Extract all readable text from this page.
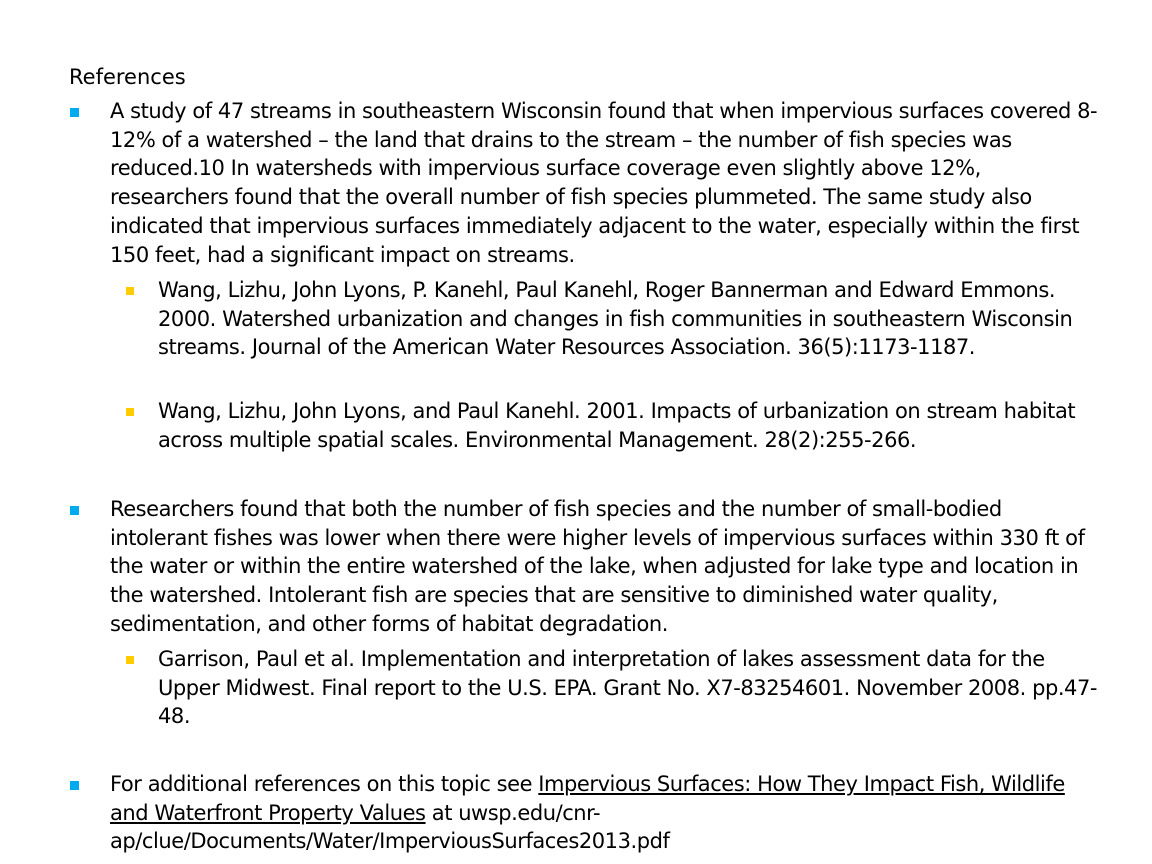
References
A study of 47 streams in southeastern Wisconsin found that when impervious surfaces covered 8-12% of a watershed – the land that drains to the stream – the number of fish species was reduced.10 In watersheds with impervious surface coverage even slightly above 12%, researchers found that the overall number of fish species plummeted. The same study also indicated that impervious surfaces immediately adjacent to the water, especially within the first 150 feet, had a significant impact on streams.
Wang, Lizhu, John Lyons, P. Kanehl, Paul Kanehl, Roger Bannerman and Edward Emmons. 2000. Watershed urbanization and changes in fish communities in southeastern Wisconsin streams. Journal of the American Water Resources Association. 36(5):1173-1187.
Wang, Lizhu, John Lyons, and Paul Kanehl. 2001. Impacts of urbanization on stream habitat across multiple spatial scales. Environmental Management. 28(2):255-266.
Researchers found that both the number of fish species and the number of small-bodied intolerant fishes was lower when there were higher levels of impervious surfaces within 330 ft of the water or within the entire watershed of the lake, when adjusted for lake type and location in the watershed. Intolerant fish are species that are sensitive to diminished water quality, sedimentation, and other forms of habitat degradation.
Garrison, Paul et al. Implementation and interpretation of lakes assessment data for the Upper Midwest. Final report to the U.S. EPA. Grant No. X7-83254601. November 2008. pp.47-48.
For additional references on this topic see Impervious Surfaces: How They Impact Fish, Wildlife and Waterfront Property Values at uwsp.edu/cnr-ap/clue/Documents/Water/ImperviousSurfaces2013.pdf
